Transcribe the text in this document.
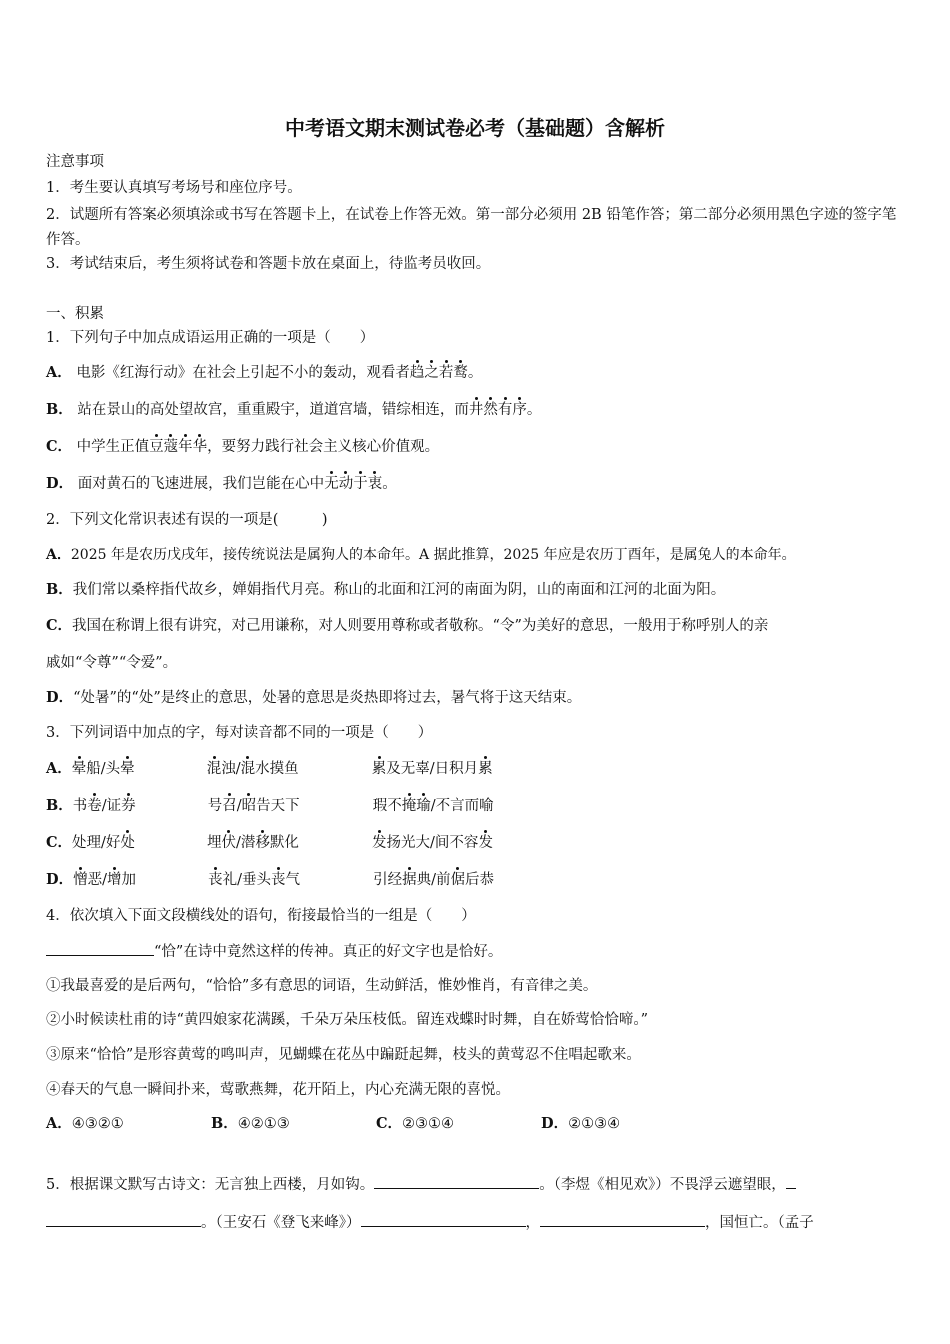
中考语文期末测试卷必考（基础题）含解析
注意事项
1．考生要认真填写考场号和座位序号。
2．试题所有答案必须填涂或书写在答题卡上，在试卷上作答无效。第一部分必须用 2B 铅笔作答；第二部分必须用黑色字迹的签字笔作答。
3．考试结束后，考生须将试卷和答题卡放在桌面上，待监考员收回。
一、积累
1．下列句子中加点成语运用正确的一项是（　　）
A． 电影《红海行动》在社会上引起不小的轰动，观看者趋之若鹜。
B． 站在景山的高处望故宫，重重殿宇，道道宫墙，错综相连，而井然有序。
C． 中学生正值豆蔻年华，要努力践行社会主义核心价值观。
D． 面对黄石的飞速进展，我们岂能在心中无动于衷。
2．下列文化常识表述有误的一项是(　　　)
A．2025 年是农历戊戌年，接传统说法是属狗人的本命年。A 据此推算，2025 年应是农历丁酉年，是属兔人的本命年。
B．我们常以桑梓指代故乡，婵娟指代月亮。称山的北面和江河的南面为阴，山的南面和江河的北面为阳。
C．我国在称谓上很有讲究，对己用谦称，对人则要用尊称或者敬称。“令”为美好的意思，一般用于称呼别人的亲
戚如“令尊”“令爱”。
D．“处暑”的“处”是终止的意思，处暑的意思是炎热即将过去，暑气将于这天结束。
3．下列词语中加点的字，每对读音都不同的一项是（　　）
A．晕船/头晕	混浊/混水摸鱼	累及无辜/日积月累
B．书卷/证券	号召/昭告天下	瑕不掩瑜/不言而喻
C．处理/好处	埋伏/潜移默化	发扬光大/间不容发
D．憎恶/增加	丧礼/垂头丧气	引经据典/前倨后恭
4．依次填入下面文段横线处的语句，衔接最恰当的一组是（　　）
“恰”在诗中竟然这样的传神。真正的好文字也是恰好。
①我最喜爱的是后两句，“恰恰”多有意思的词语，生动鲜活，惟妙惟肖，有音律之美。
②小时候读杜甫的诗“黄四娘家花满蹊，千朵万朵压枝低。留连戏蝶时时舞，自在娇莺恰恰啼。”
③原来“恰恰”是形容黄莺的鸣叫声，见蝴蝶在花丛中蹁跹起舞，枝头的黄莺忍不住唱起歌来。
④春天的气息一瞬间扑来，莺歌燕舞，花开陌上，内心充满无限的喜悦。
A．④③②①	B．④②①③	C．②③①④	D．②①③④
5．根据课文默写古诗文：无言独上西楼，月如钩。	。（李煜《相见欢》）不畏浮云遮望眼，
。（王安石《登飞来峰》）	，	，国恒亡。（孟子
